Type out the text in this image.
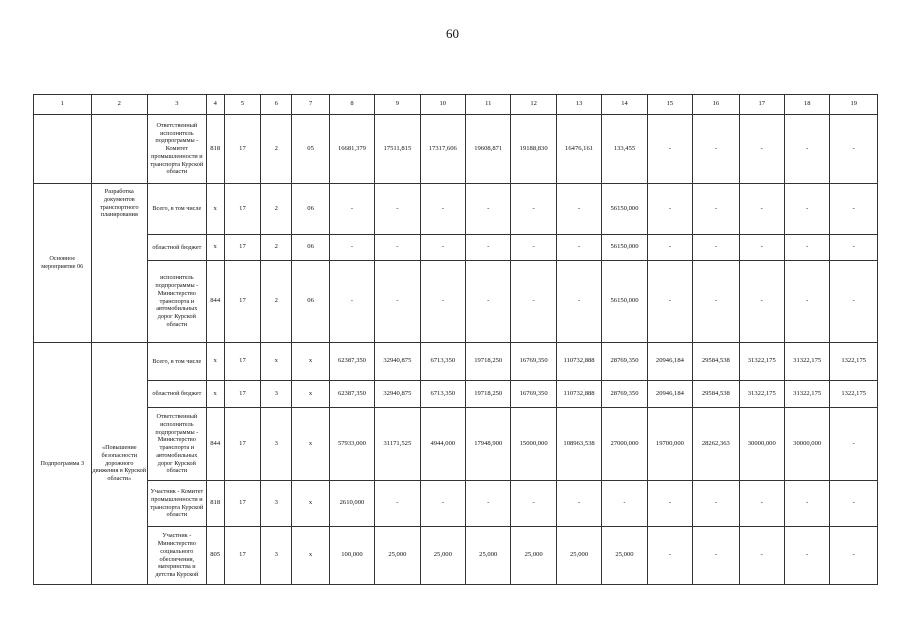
60
1	2	3	4	5	6	7	8	9	10	11	12	13	14	15	16	17	18	19
		Ответственный исполнитель подпрограммы - Комитет промышленности и транспорта Курской области	818	17	2	05	16681,379	17511,815	17317,606	19608,871	19188,830	16476,161	133,455	-	-	-	-	-
Основное мероприятие 06	Разработка документов транспортного планирования	Всего, в том числе	х	17	2	06	-	-	-	-	-	-	56150,000	-	-	-	-	-
		областной бюджет	х	17	2	06	-	-	-	-	-	-	56150,000	-	-	-	-	-
		исполнитель подпрограммы - Министерство транспорта и автомобильных дорог Курской области	844	17	2	06	-	-	-	-	-	-	56150,000	-	-	-	-	-
Подпрограмма 3	«Повышение безопасности дорожного движения в Курской области»	Всего, в том числе	х	17	х	х	62387,350	32940,875	6713,350	19718,250	16769,350	110732,888	28769,350	20946,184	29584,538	31322,175	31322,175	1322,175
		областной бюджет	х	17	3	х	62387,350	32940,875	6713,350	19718,250	16769,350	110732,888	28769,350	20946,184	29584,538	31322,175	31322,175	1322,175
		Ответственный исполнитель подпрограммы - Министерство транспорта и автомобильных дорог Курской области	844	17	3	х	57933,000	31171,525	4944,000	17948,900	15000,000	108963,538	27000,000	19700,000	28262,363	30000,000	30000,000	-
		Участник - Комитет промышленности и транспорта Курской области	818	17	3	х	2610,000	-	-	-	-	-	-	-	-	-	-	-
		Участник - Министерство социального обеспечения, материнства и детства Курской	805	17	3	х	100,000	25,000	25,000	25,000	25,000	25,000	25,000	-	-	-	-	-
